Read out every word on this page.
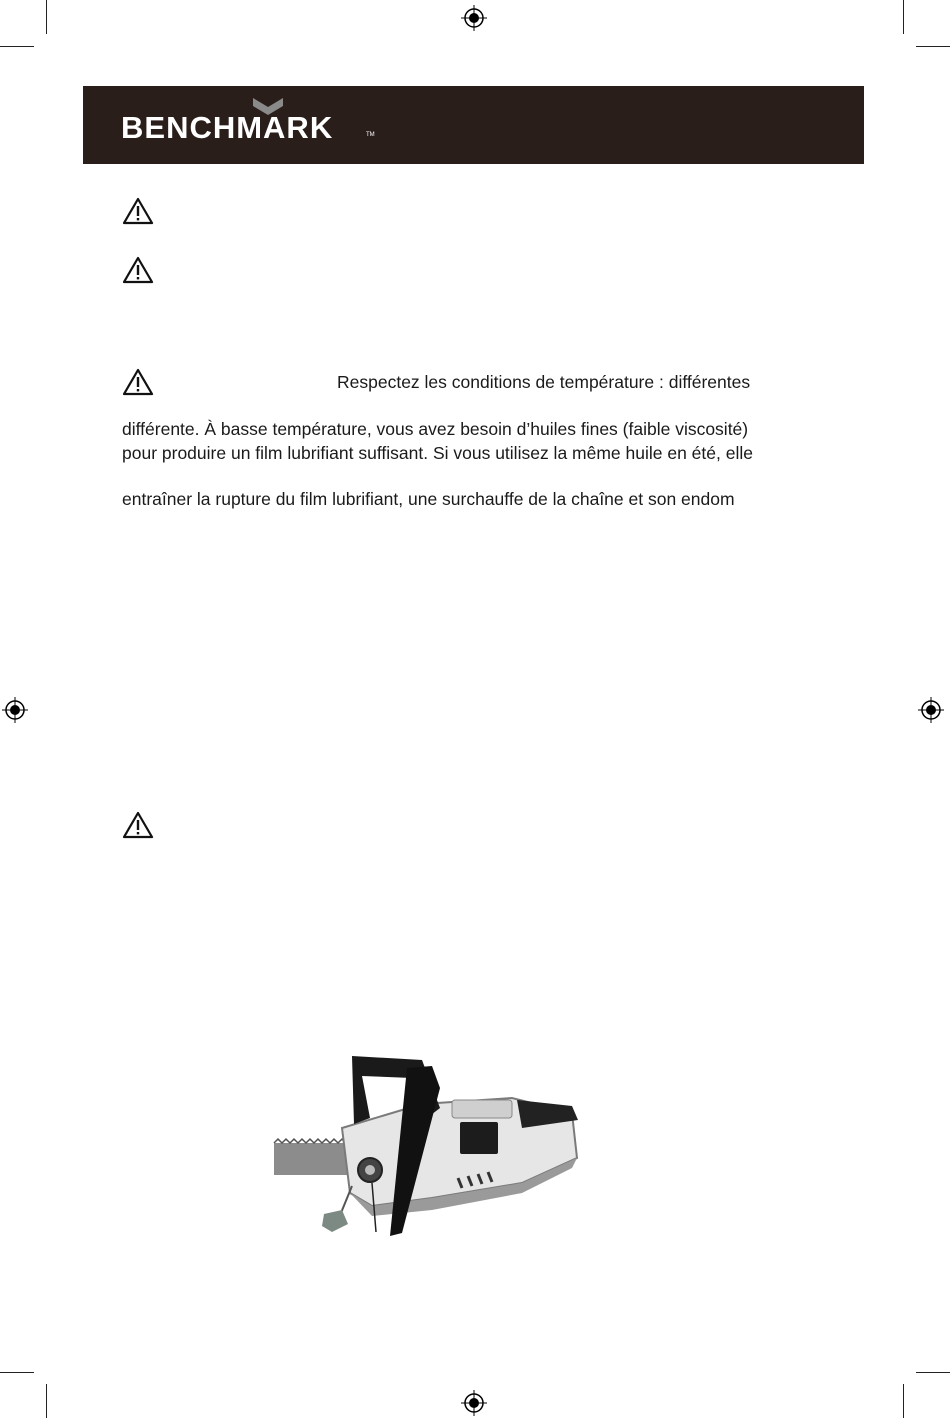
BENCHMARK	TM
Respectez les conditions de température : différentes
différente. À basse température, vous avez besoin d’huiles fines (faible viscosité)
pour produire un film lubrifiant suffisant. Si vous utilisez la même huile en été, elle
entraîner la rupture du film lubrifiant, une surchauffe de la chaîne et son endom
